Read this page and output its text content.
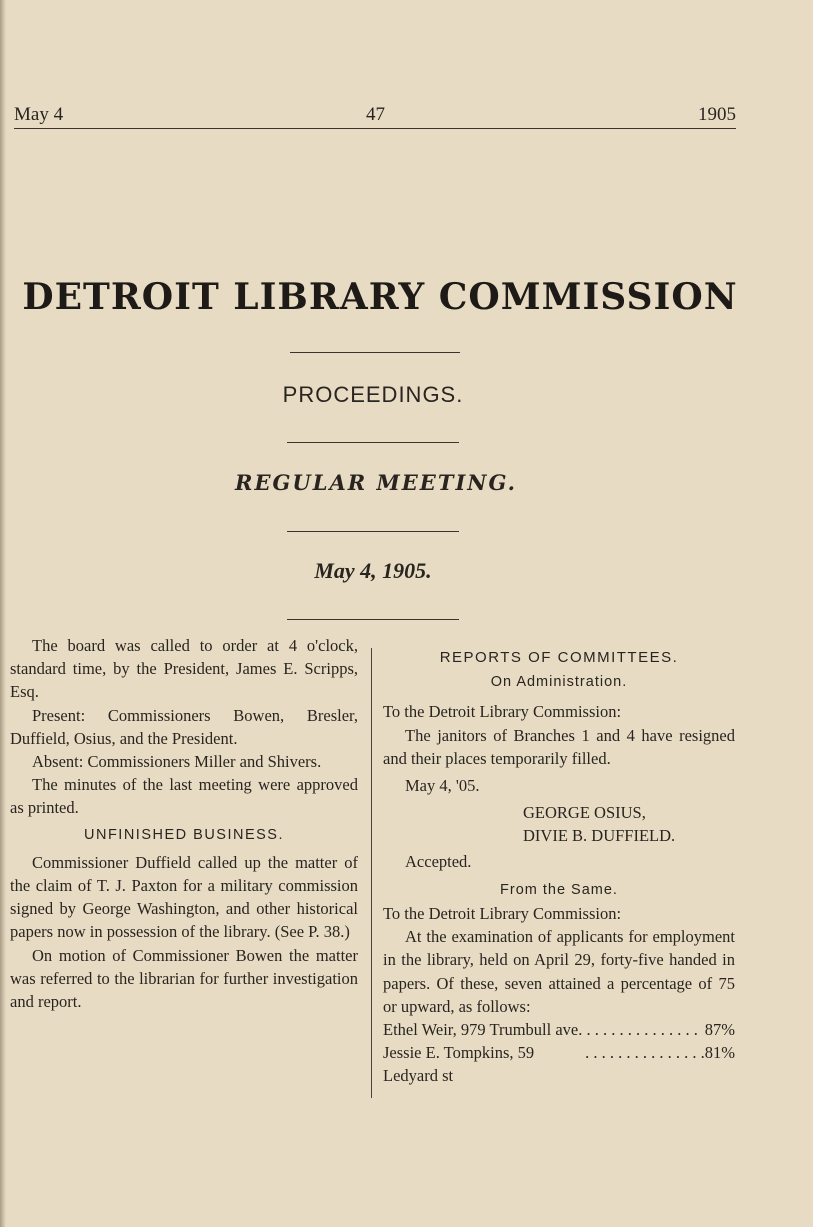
May 4	47	1905
DETROIT LIBRARY COMMISSION
PROCEEDINGS.
REGULAR MEETING.
May 4, 1905.

The board was called to order at 4 o'clock, standard time, by the President, James E. Scripps, Esq.

Present: Commissioners Bowen, Bresler, Duffield, Osius, and the President.

Absent: Commissioners Miller and Shivers.

The minutes of the last meeting were approved as printed.

UNFINISHED BUSINESS.

Commissioner Duffield called up the matter of the claim of T. J. Paxton for a military commission signed by George Washington, and other historical papers now in possession of the library. (See P. 38.)

On motion of Commissioner Bowen the matter was referred to the librarian for further investigation and report.

REPORTS OF COMMITTEES.
On Administration.

To the Detroit Library Commission:

The janitors of Branches 1 and 4 have resigned and their places temporarily filled.

May 4, '05.

GEORGE OSIUS,

DIVIE B. DUFFIELD.

Accepted.

From the Same.

To the Detroit Library Commission:

At the examination of applicants for employment in the library, held on April 29, forty-five handed in papers. Of these, seven attained a percentage of 75 or upward, as follows:

Ethel Weir, 979 Trumbull ave . . . . . . . . . . . . . . . 87%
Jessie E. Tompkins, 59 Ledyard st
. . . . . . . . . . . . . . . 81%
